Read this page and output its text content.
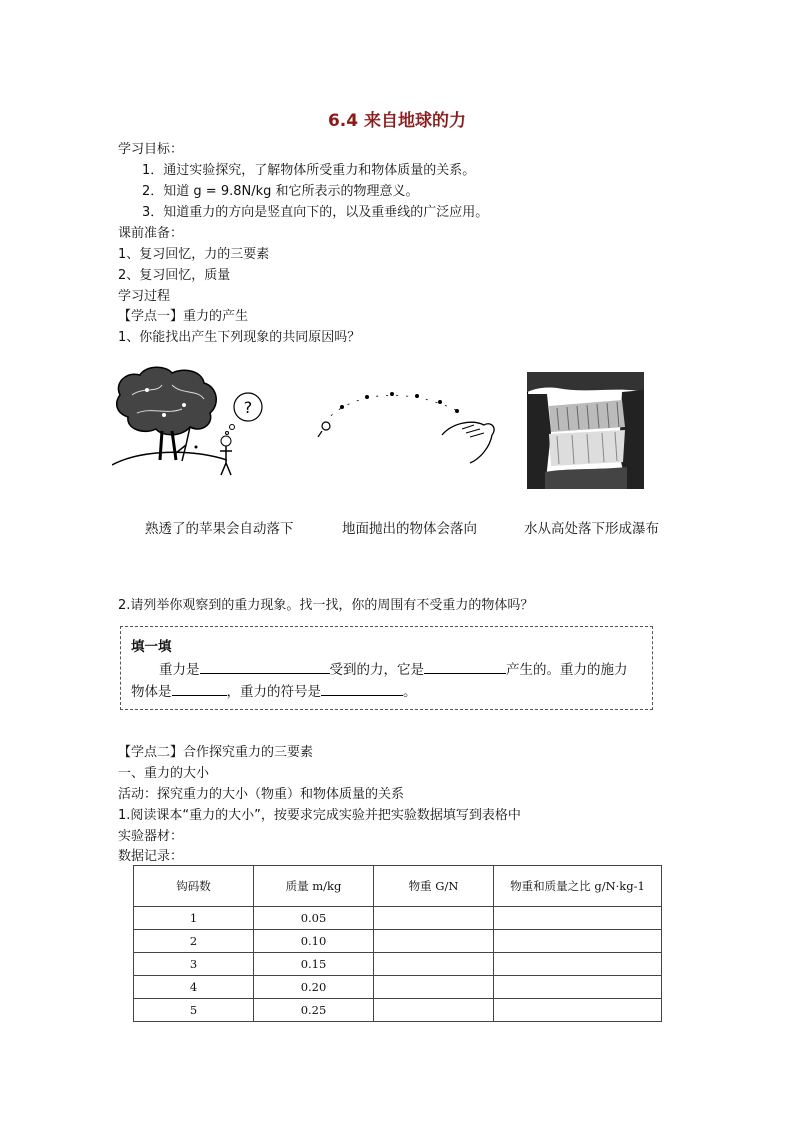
6.4 来自地球的力
学习目标：
1．通过实验探究，了解物体所受重力和物体质量的关系。
2．知道 g = 9.8N/kg 和它所表示的物理意义。
3．知道重力的方向是竖直向下的，以及重垂线的广泛应用。
课前准备：
1、复习回忆，力的三要素
2、复习回忆，质量
学习过程
【学点一】重力的产生
1、你能找出产生下列现象的共同原因吗？
?
熟透了的苹果会自动落下	地面抛出的物体会落向	水从高处落下形成瀑布
2.请列举你观察到的重力现象。找一找，你的周围有不受重力的物体吗？
填一填
重力是	受到的力，它是	产生的。重力的施力
物体是	，重力的符号是	。
【学点二】合作探究重力的三要素
一、重力的大小
活动：探究重力的大小（物重）和物体质量的关系
1.阅读课本“重力的大小”，按要求完成实验并把实验数据填写到表格中
实验器材：
数据记录：
钩码数	质量 m/kg	物重 G/N	物重和质量之比 g/N·kg-1
1	0.05		
2	0.10		
3	0.15		
4	0.20		
5	0.25		
